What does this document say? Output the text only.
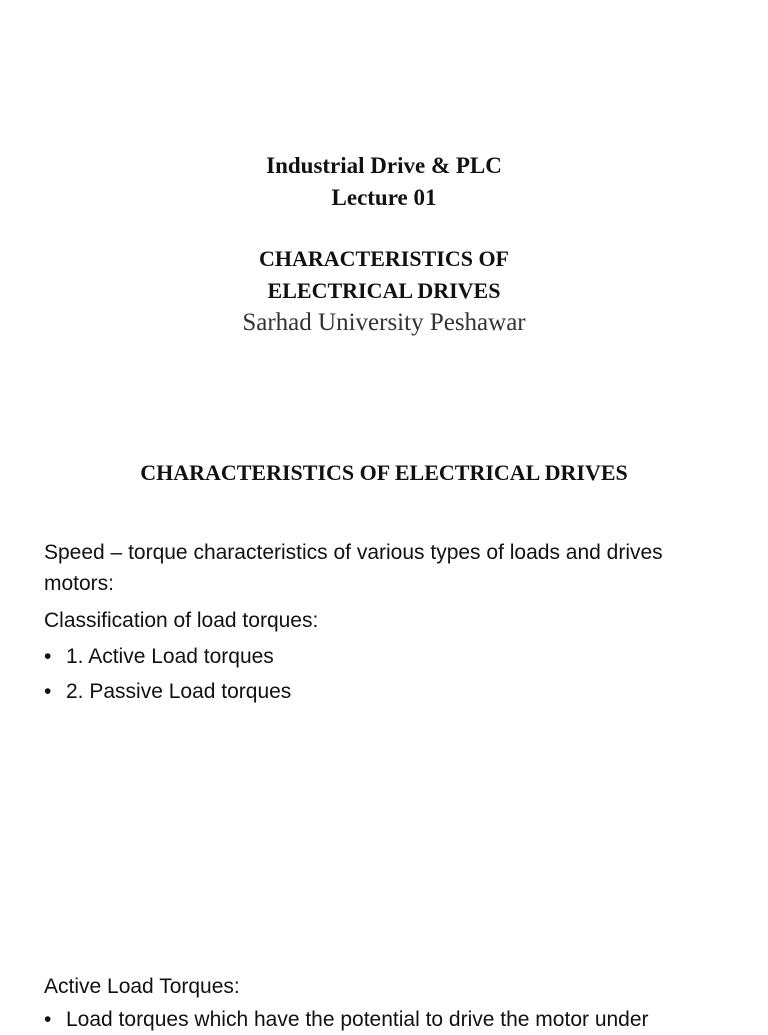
Industrial Drive & PLC
Lecture 01
CHARACTERISTICS OF
ELECTRICAL DRIVES
Sarhad University Peshawar
CHARACTERISTICS OF ELECTRICAL DRIVES
Speed – torque characteristics of various types of loads and drives motors:
Classification of load torques:
• 1. Active Load torques
• 2. Passive Load torques
Active Load Torques:
• Load torques which have the potential to drive the motor under
